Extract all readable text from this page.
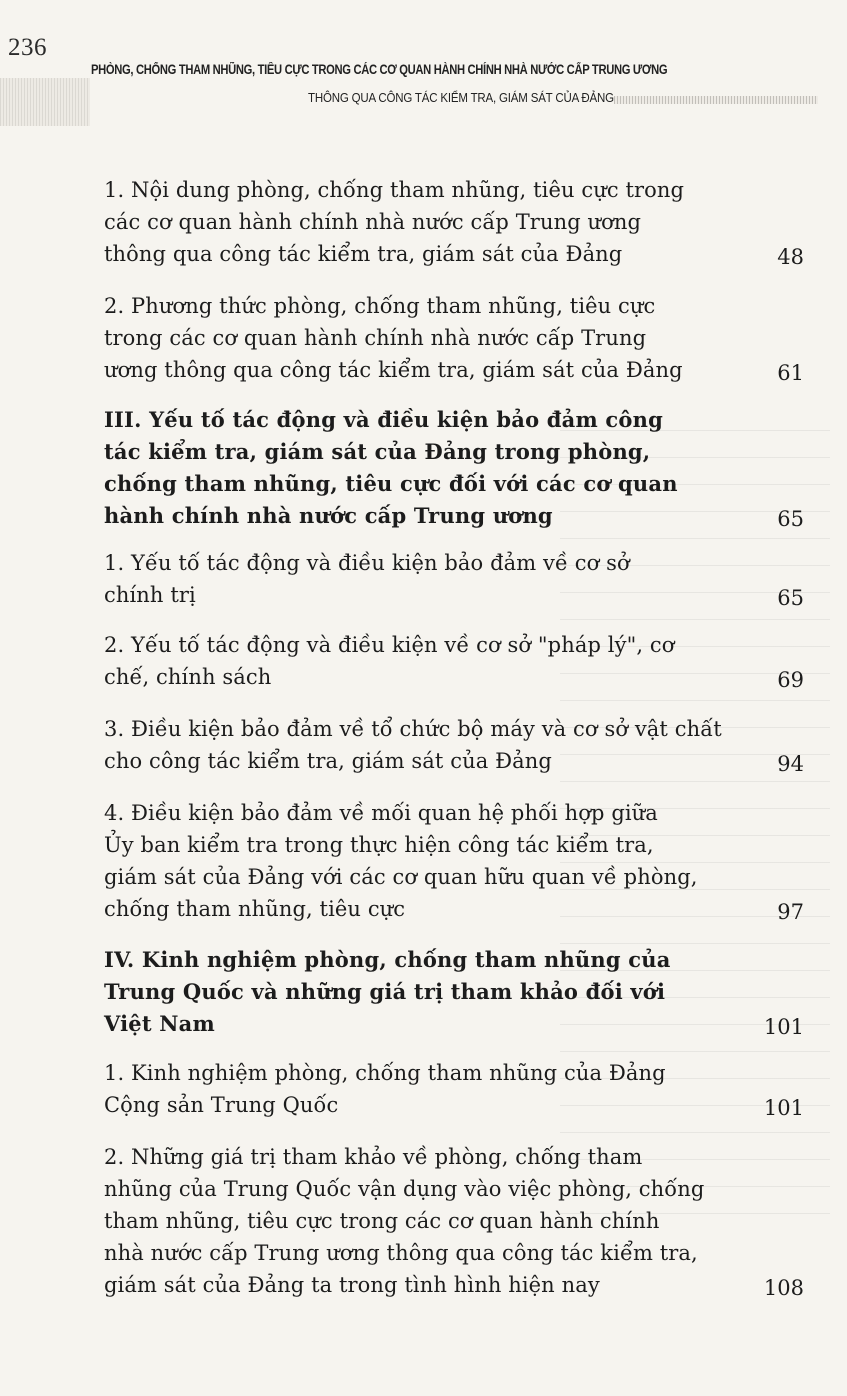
236
PHÒNG, CHỐNG THAM NHŨNG, TIÊU CỰC TRONG CÁC CƠ QUAN HÀNH CHÍNH NHÀ NƯỚC CẤP TRUNG ƯƠNG
THÔNG QUA CÔNG TÁC KIỂM TRA, GIÁM SÁT CỦA ĐẢNG
1. Nội dung phòng, chống tham nhũng, tiêu cực trong
các cơ quan hành chính nhà nước cấp Trung ương
thông qua công tác kiểm tra, giám sát của Đảng	48
2. Phương thức phòng, chống tham nhũng, tiêu cực
trong các cơ quan hành chính nhà nước cấp Trung
ương thông qua công tác kiểm tra, giám sát của Đảng	61
III. Yếu tố tác động và điều kiện bảo đảm công
tác kiểm tra, giám sát của Đảng trong phòng,
chống tham nhũng, tiêu cực đối với các cơ quan
hành chính nhà nước cấp Trung ương	65
1. Yếu tố tác động và điều kiện bảo đảm về cơ sở
chính trị	65
2. Yếu tố tác động và điều kiện về cơ sở "pháp lý", cơ
chế, chính sách	69
3. Điều kiện bảo đảm về tổ chức bộ máy và cơ sở vật chất
cho công tác kiểm tra, giám sát của Đảng	94
4. Điều kiện bảo đảm về mối quan hệ phối hợp giữa
Ủy ban kiểm tra trong thực hiện công tác kiểm tra,
giám sát của Đảng với các cơ quan hữu quan về phòng,
chống tham nhũng, tiêu cực	97
IV. Kinh nghiệm phòng, chống tham nhũng của
Trung Quốc và những giá trị tham khảo đối với
Việt Nam	101
1. Kinh nghiệm phòng, chống tham nhũng của Đảng
Cộng sản Trung Quốc	101
2. Những giá trị tham khảo về phòng, chống tham
nhũng của Trung Quốc vận dụng vào việc phòng, chống
tham nhũng, tiêu cực trong các cơ quan hành chính
nhà nước cấp Trung ương thông qua công tác kiểm tra,
giám sát của Đảng ta trong tình hình hiện nay	108
